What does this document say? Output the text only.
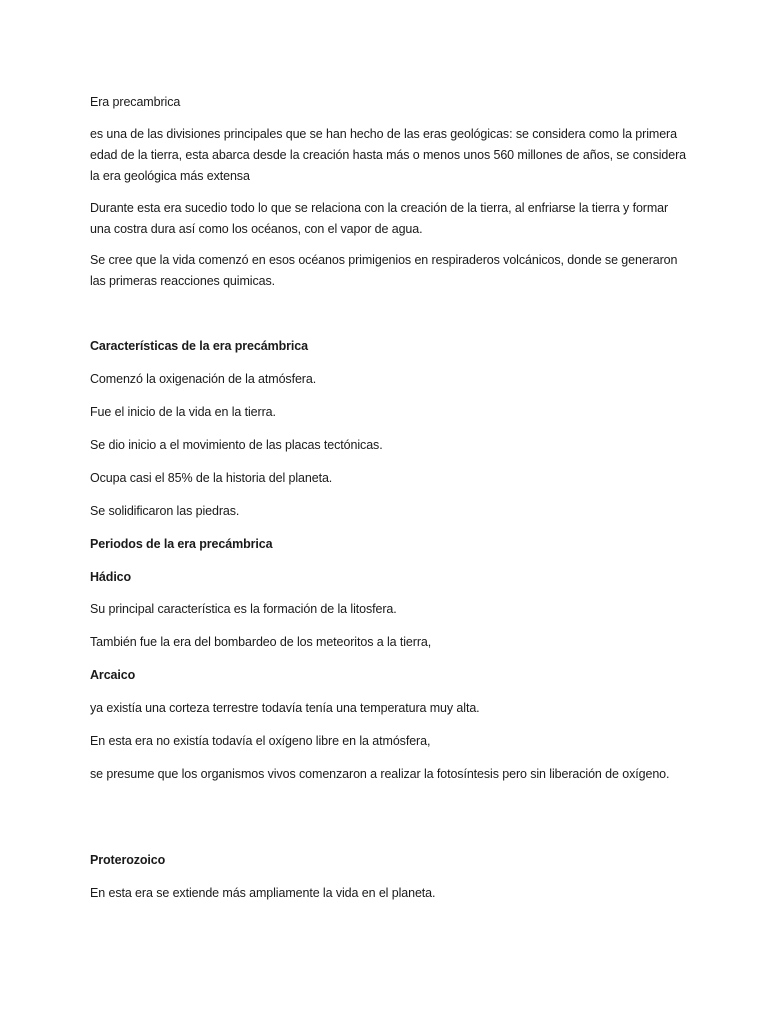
Era precambrica

es una de las divisiones principales que se han hecho de las eras geológicas: se considera como la primera edad de la tierra, esta abarca desde la creación hasta más o menos unos 560 millones de años, se considera la era geológica más extensa

Durante esta era sucedio todo lo que se relaciona con la creación de la tierra, al enfriarse la tierra y formar una costra dura así como los océanos, con el vapor de agua.

Se cree que la vida comenzó en esos océanos primigenios en respiraderos volcánicos, donde se generaron las primeras reacciones quimicas.

Características de la era precámbrica

Comenzó la oxigenación de la atmósfera.

Fue el inicio de la vida en la tierra.

Se dio inicio a el movimiento de las placas tectónicas.

Ocupa casi el 85% de la historia del planeta.

Se solidificaron las piedras.

Periodos de la era precámbrica

Hádico

Su principal característica es la formación de la litosfera.

También fue la era del bombardeo de los meteoritos a la tierra,

Arcaico

ya existía una corteza terrestre todavía tenía una temperatura muy alta.

En esta era no existía todavía el oxígeno libre en la atmósfera,

se presume que los organismos vivos comenzaron a realizar la fotosíntesis pero sin liberación de oxígeno.

Proterozoico

En esta era se extiende más ampliamente la vida en el planeta.
